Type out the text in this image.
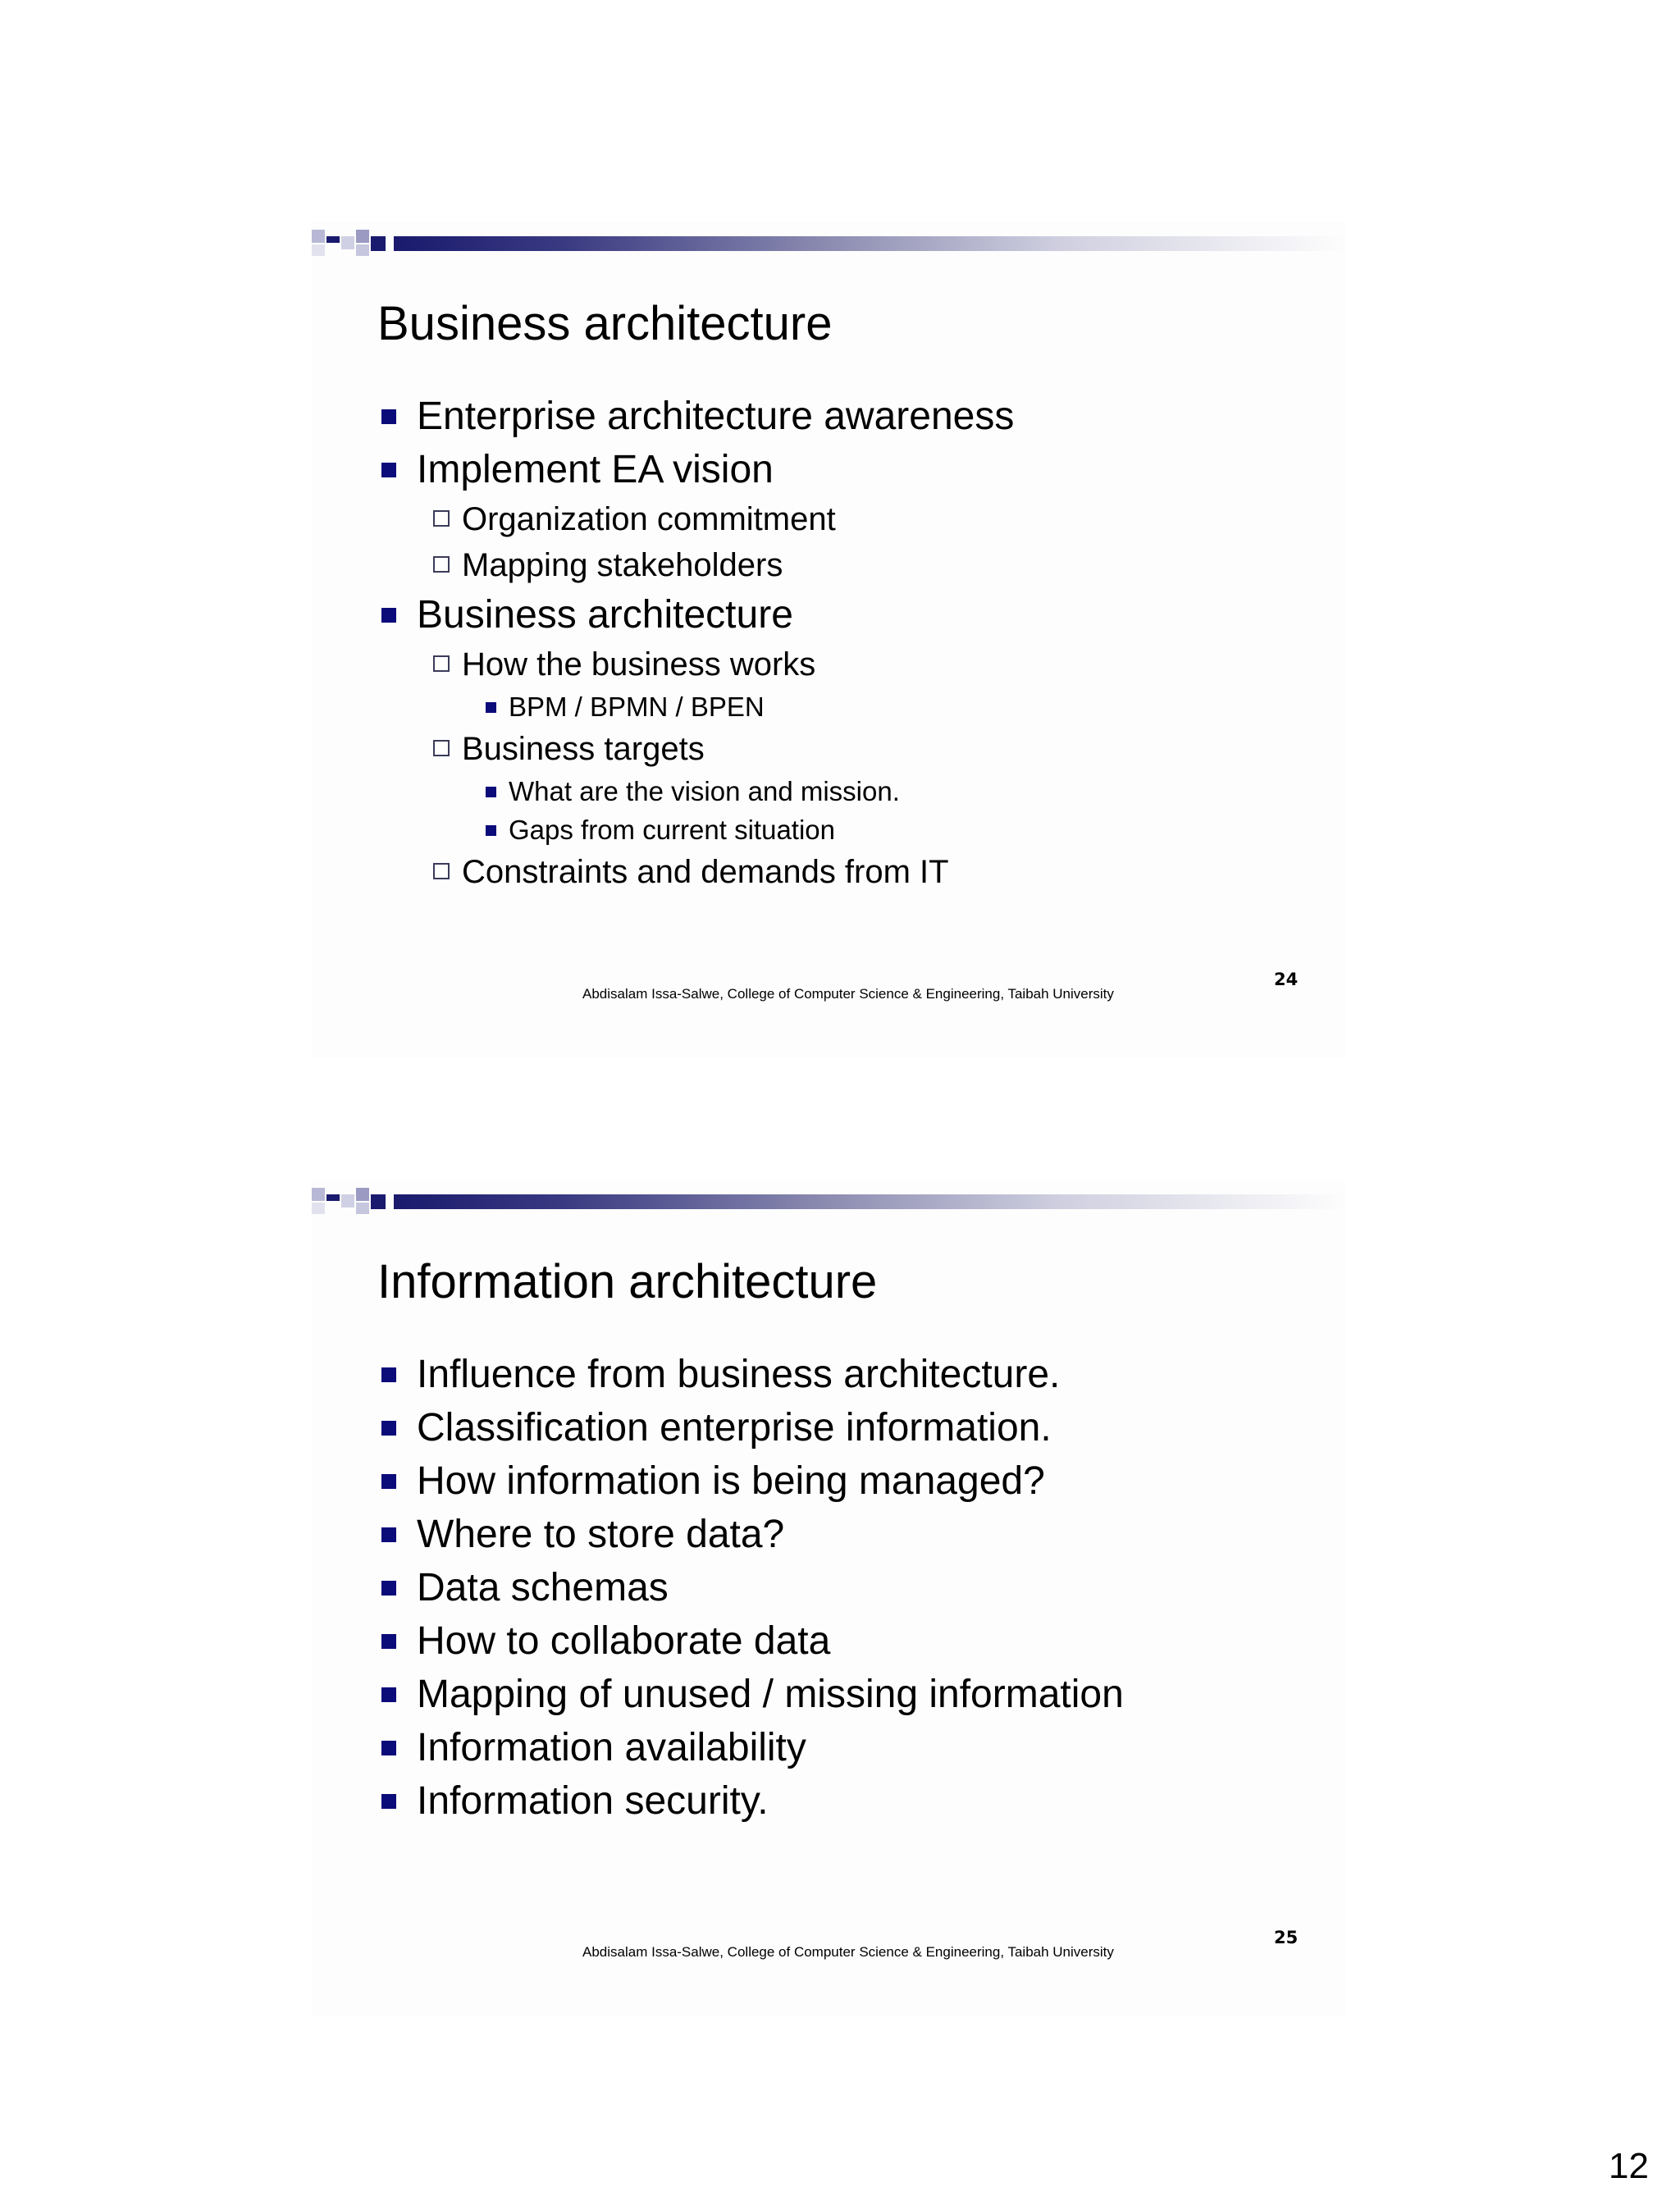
Business architecture
Enterprise architecture awareness
Implement EA vision
Organization commitment
Mapping stakeholders
Business architecture
How the business works
BPM / BPMN / BPEN
Business targets
What are the vision and mission.
Gaps from current situation
Constraints and demands from IT
Abdisalam Issa-Salwe, College of Computer Science & Engineering, Taibah University
24
Information architecture
Influence from business architecture.
Classification enterprise information.
How information is being managed?
Where to store data?
Data schemas
How to collaborate data
Mapping of unused / missing information
Information availability
Information security.
Abdisalam Issa-Salwe, College of Computer Science & Engineering, Taibah University
25
12
